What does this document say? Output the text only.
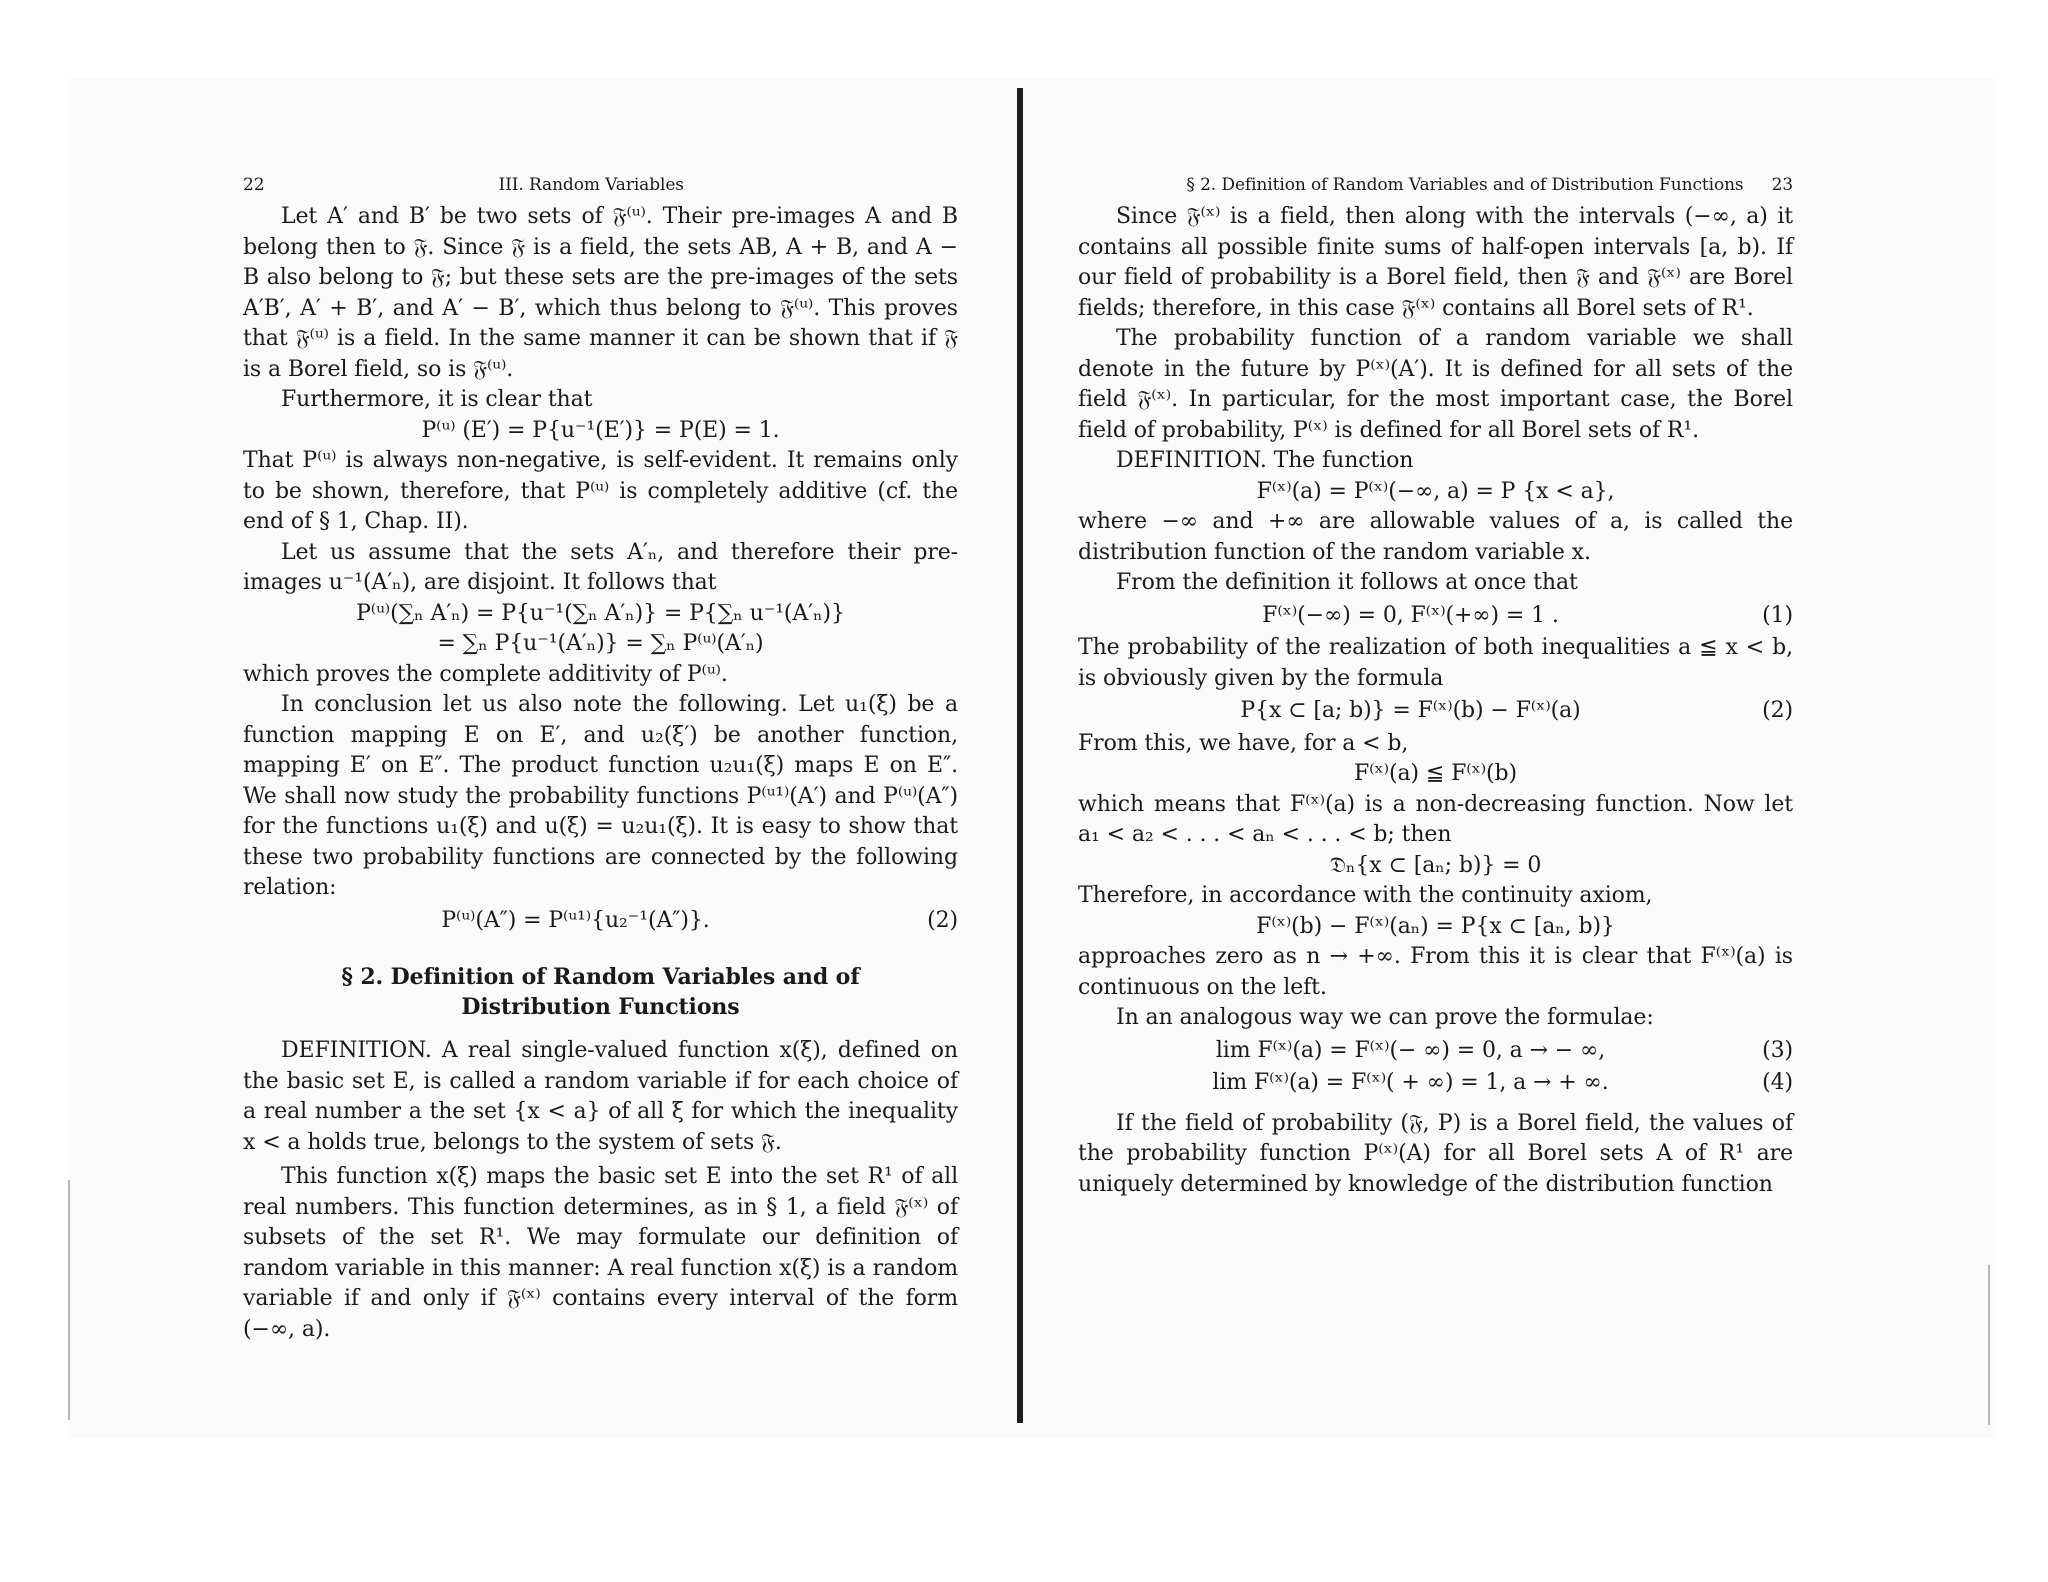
22	III. Random Variables

Let A′ and B′ be two sets of 𝔉⁽ᵘ⁾. Their pre-images A and B belong then to 𝔉. Since 𝔉 is a field, the sets AB, A + B, and A − B also belong to 𝔉; but these sets are the pre-images of the sets A′B′, A′ + B′, and A′ − B′, which thus belong to 𝔉⁽ᵘ⁾. This proves that 𝔉⁽ᵘ⁾ is a field. In the same manner it can be shown that if 𝔉 is a Borel field, so is 𝔉⁽ᵘ⁾.

Furthermore, it is clear that

P⁽ᵘ⁾ (E′) = P{u⁻¹(E′)} = P(E) = 1.

That P⁽ᵘ⁾ is always non-negative, is self-evident. It remains only to be shown, therefore, that P⁽ᵘ⁾ is completely additive (cf. the end of § 1, Chap. II).

Let us assume that the sets A′ₙ, and therefore their pre-images u⁻¹(A′ₙ), are disjoint. It follows that

P⁽ᵘ⁾(∑ₙ A′ₙ) = P{u⁻¹(∑ₙ A′ₙ)} = P{∑ₙ u⁻¹(A′ₙ)}

= ∑ₙ P{u⁻¹(A′ₙ)} = ∑ₙ P⁽ᵘ⁾(A′ₙ)

which proves the complete additivity of P⁽ᵘ⁾.

In conclusion let us also note the following. Let u₁(ξ) be a function mapping E on E′, and u₂(ξ′) be another function, mapping E′ on E″. The product function u₂u₁(ξ) maps E on E″. We shall now study the probability functions P⁽ᵘ¹⁾(A′) and P⁽ᵘ⁾(A″) for the functions u₁(ξ) and u(ξ) = u₂u₁(ξ). It is easy to show that these two probability functions are connected by the following relation:

P⁽ᵘ⁾(A″) = P⁽ᵘ¹⁾{u₂⁻¹(A″)}.	(2)
§ 2. Definition of Random Variables and of
Distribution Functions

DEFINITION. A real single-valued function x(ξ), defined on the basic set E, is called a random variable if for each choice of a real number a the set {x < a} of all ξ for which the inequality x < a holds true, belongs to the system of sets 𝔉.

This function x(ξ) maps the basic set E into the set R¹ of all real numbers. This function determines, as in § 1, a field 𝔉⁽ˣ⁾ of subsets of the set R¹. We may formulate our definition of random variable in this manner: A real function x(ξ) is a random variable if and only if 𝔉⁽ˣ⁾ contains every interval of the form (−∞, a).

§ 2. Definition of Random Variables and of Distribution Functions	23

Since 𝔉⁽ˣ⁾ is a field, then along with the intervals (−∞, a) it contains all possible finite sums of half-open intervals [a, b). If our field of probability is a Borel field, then 𝔉 and 𝔉⁽ˣ⁾ are Borel fields; therefore, in this case 𝔉⁽ˣ⁾ contains all Borel sets of R¹.

The probability function of a random variable we shall denote in the future by P⁽ˣ⁾(A′). It is defined for all sets of the field 𝔉⁽ˣ⁾. In particular, for the most important case, the Borel field of probability, P⁽ˣ⁾ is defined for all Borel sets of R¹.

DEFINITION. The function

F⁽ˣ⁾(a) = P⁽ˣ⁾(−∞, a) = P {x < a},

where −∞ and +∞ are allowable values of a, is called the distribution function of the random variable x.

From the definition it follows at once that

F⁽ˣ⁾(−∞) = 0, F⁽ˣ⁾(+∞) = 1 .	(1)

The probability of the realization of both inequalities a ≦ x < b, is obviously given by the formula

P{x ⊂ [a; b)} = F⁽ˣ⁾(b) − F⁽ˣ⁾(a)	(2)

From this, we have, for a < b,

F⁽ˣ⁾(a) ≦ F⁽ˣ⁾(b)

which means that F⁽ˣ⁾(a) is a non-decreasing function. Now let a₁ < a₂ < . . . < aₙ < . . . < b; then

𝔇ₙ{x ⊂ [aₙ; b)} = 0

Therefore, in accordance with the continuity axiom,

F⁽ˣ⁾(b) − F⁽ˣ⁾(aₙ) = P{x ⊂ [aₙ, b)}

approaches zero as n → +∞. From this it is clear that F⁽ˣ⁾(a) is continuous on the left.

In an analogous way we can prove the formulae:

lim F⁽ˣ⁾(a) = F⁽ˣ⁾(− ∞) = 0, a → − ∞,	(3)
lim F⁽ˣ⁾(a) = F⁽ˣ⁾( + ∞) = 1, a → + ∞.	(4)

If the field of probability (𝔉, P) is a Borel field, the values of the probability function P⁽ˣ⁾(A) for all Borel sets A of R¹ are uniquely determined by knowledge of the distribution function
